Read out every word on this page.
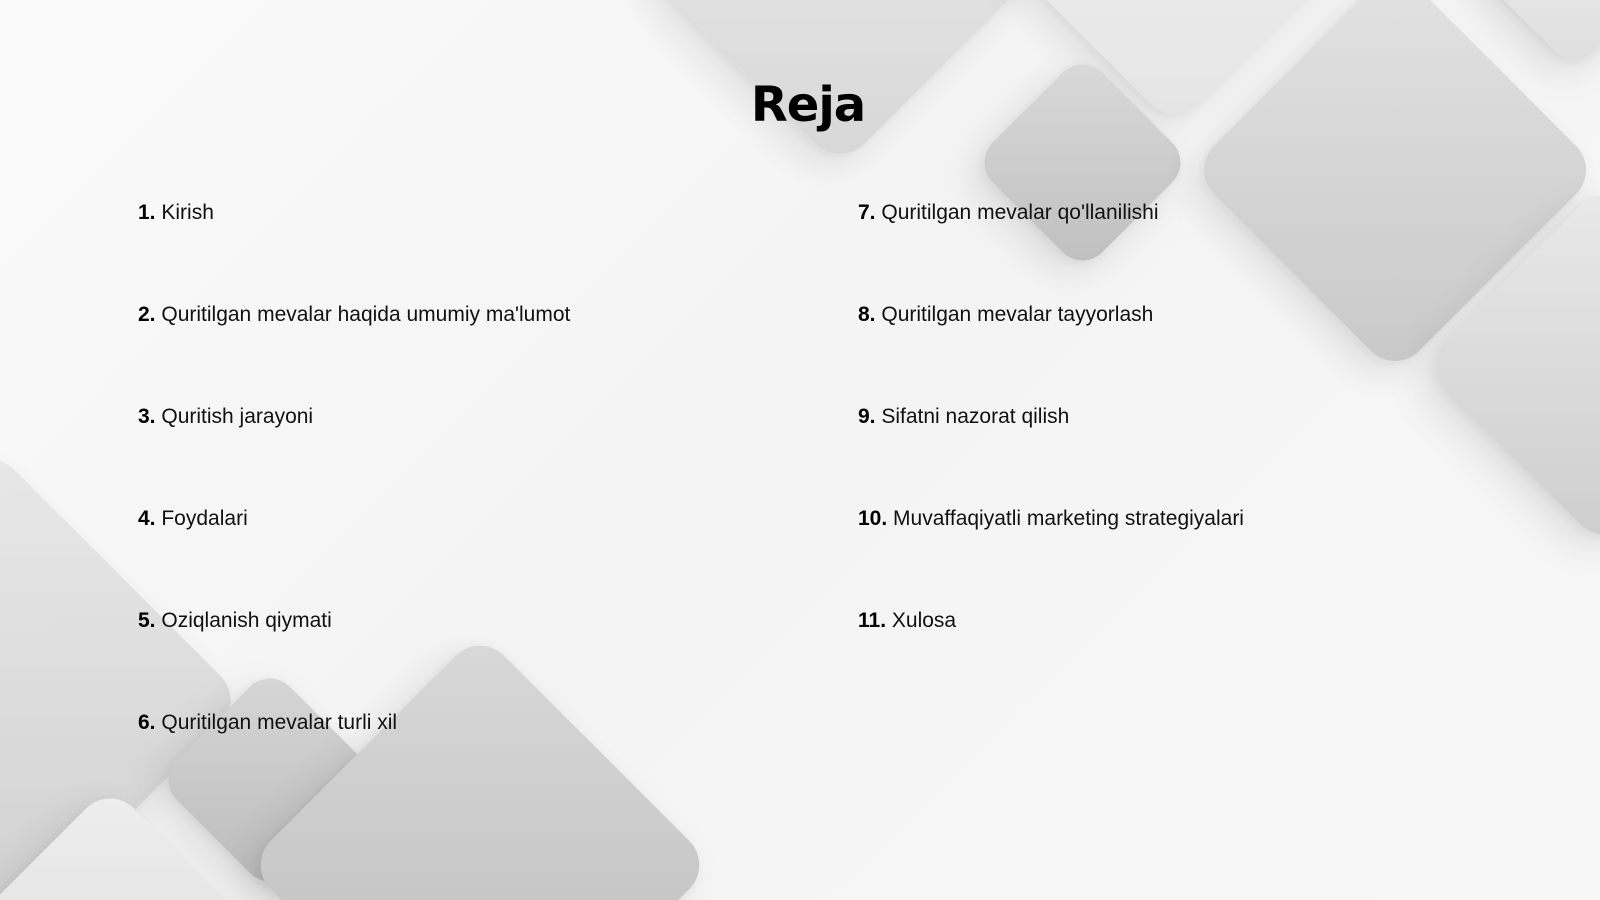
Reja
1. Kirish
2. Quritilgan mevalar haqida umumiy ma'lumot
3. Quritish jarayoni
4. Foydalari
5. Oziqlanish qiymati
6. Quritilgan mevalar turli xil
7. Quritilgan mevalar qo'llanilishi
8. Quritilgan mevalar tayyorlash
9. Sifatni nazorat qilish
10. Muvaffaqiyatli marketing strategiyalari
11. Xulosa
